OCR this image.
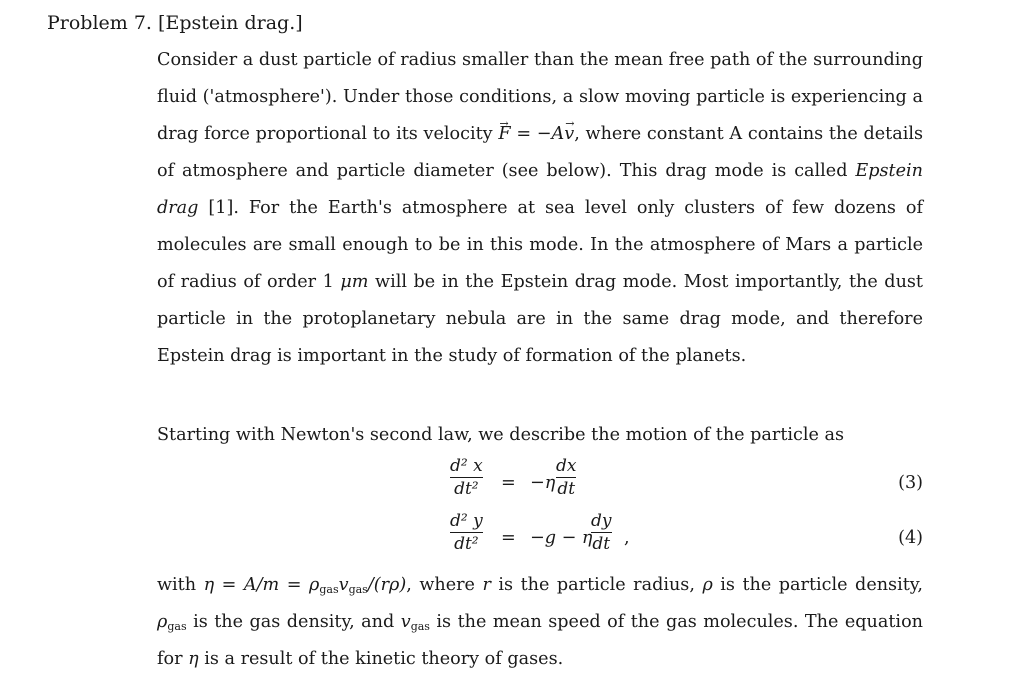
Problem 7. [Epstein drag.]
Consider a dust particle of radius smaller than the mean free path of the surrounding fluid ('atmosphere'). Under those conditions, a slow moving particle is experiencing a drag force proportional to its velocity → F = −A→ v, where constant A contains the details of atmosphere and particle diameter (see below). This drag mode is called Epstein drag [1]. For the Earth's atmosphere at sea level only clusters of few dozens of molecules are small enough to be in this mode. In the atmosphere of Mars a particle of radius of order 1 μm will be in the Epstein drag mode. Most importantly, the dust particle in the protoplanetary nebula are in the same drag mode, and therefore Epstein drag is important in the study of formation of the planets.
Starting with Newton's second law, we describe the motion of the particle as
$\frac{\text{d² x}}{\text{dt²}} = -\eta \frac{dx}{dt}$	(3)
$\frac{\text{d² y}}{\text{dt²}} = -g - \eta$
$\frac{dy}{dt}$ ,	(4)
with $\eta = A/m = \rho_{gas}v_{gas}/(r\rho)$, where r is the particle radius, ρ is the particle density, $\rho_{gas}$ is the gas density, and $v_{gas}$ is the mean speed of the gas molecules. The equation for η is a result of the kinetic theory of gases.
